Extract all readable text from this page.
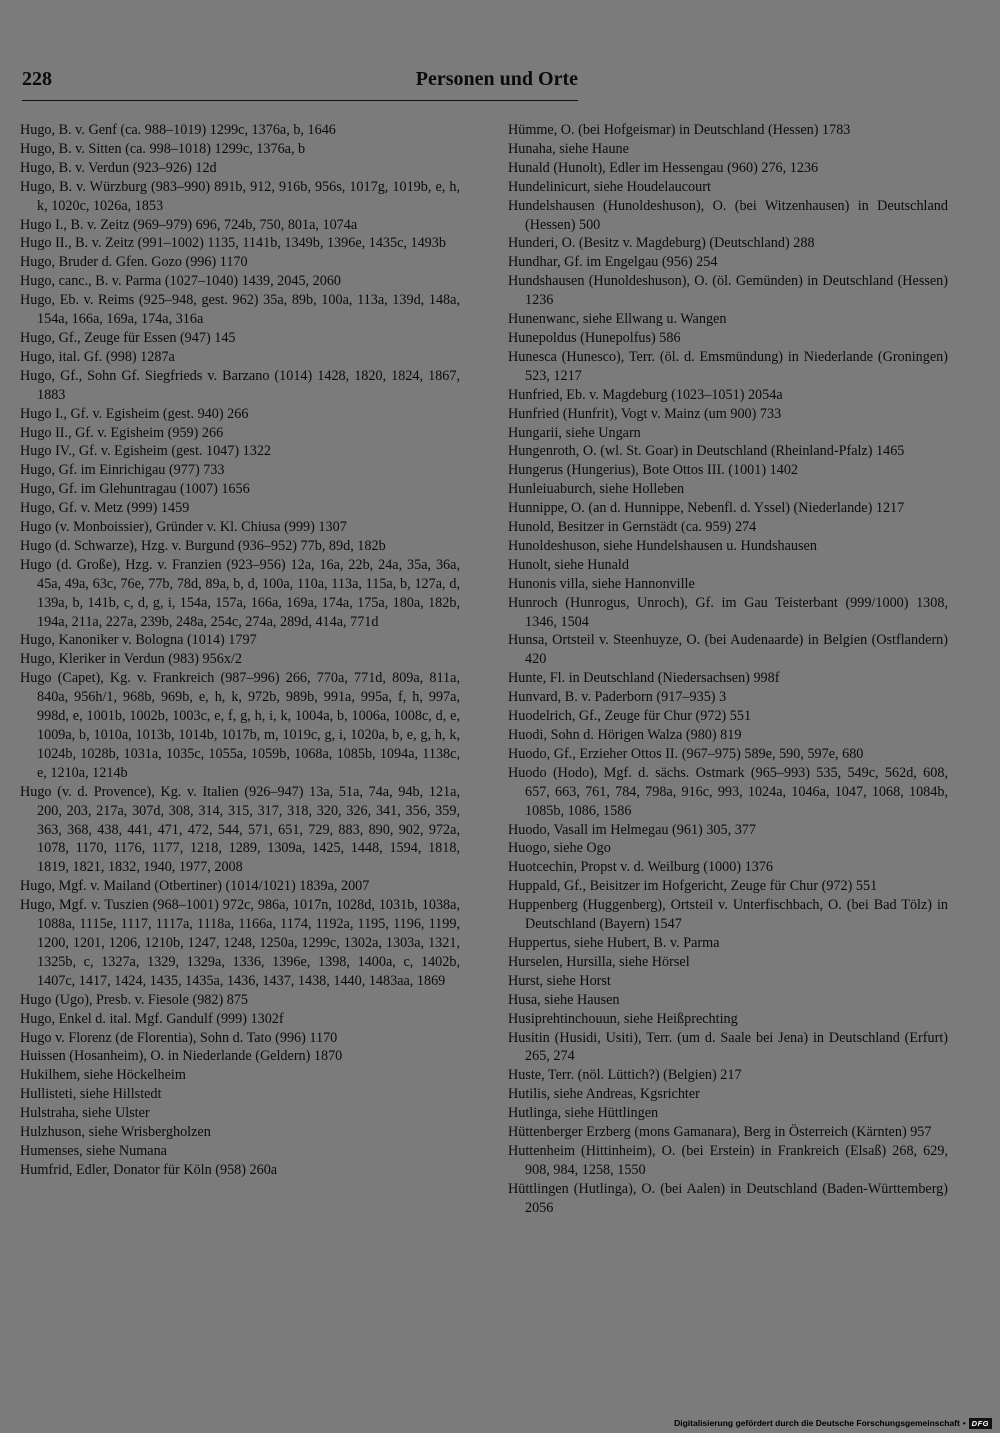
228	Personen und Orte

Hugo, B. v. Genf (ca. 988–1019) 1299c, 1376a, b, 1646

Hugo, B. v. Sitten (ca. 998–1018) 1299c, 1376a, b

Hugo, B. v. Verdun (923–926) 12d

Hugo, B. v. Würzburg (983–990) 891b, 912, 916b, 956s, 1017g, 1019b, e, h, k, 1020c, 1026a, 1853

Hugo I., B. v. Zeitz (969–979) 696, 724b, 750, 801a, 1074a

Hugo II., B. v. Zeitz (991–1002) 1135, 1141b, 1349b, 1396e, 1435c, 1493b

Hugo, Bruder d. Gfen. Gozo (996) 1170

Hugo, canc., B. v. Parma (1027–1040) 1439, 2045, 2060

Hugo, Eb. v. Reims (925–948, gest. 962) 35a, 89b, 100a, 113a, 139d, 148a, 154a, 166a, 169a, 174a, 316a

Hugo, Gf., Zeuge für Essen (947) 145

Hugo, ital. Gf. (998) 1287a

Hugo, Gf., Sohn Gf. Siegfrieds v. Barzano (1014) 1428, 1820, 1824, 1867, 1883

Hugo I., Gf. v. Egisheim (gest. 940) 266

Hugo II., Gf. v. Egisheim (959) 266

Hugo IV., Gf. v. Egisheim (gest. 1047) 1322

Hugo, Gf. im Einrichigau (977) 733

Hugo, Gf. im Glehuntragau (1007) 1656

Hugo, Gf. v. Metz (999) 1459

Hugo (v. Monboissier), Gründer v. Kl. Chiusa (999) 1307

Hugo (d. Schwarze), Hzg. v. Burgund (936–952) 77b, 89d, 182b

Hugo (d. Große), Hzg. v. Franzien (923–956) 12a, 16a, 22b, 24a, 35a, 36a, 45a, 49a, 63c, 76e, 77b, 78d, 89a, b, d, 100a, 110a, 113a, 115a, b, 127a, d, 139a, b, 141b, c, d, g, i, 154a, 157a, 166a, 169a, 174a, 175a, 180a, 182b, 194a, 211a, 227a, 239b, 248a, 254c, 274a, 289d, 414a, 771d

Hugo, Kanoniker v. Bologna (1014) 1797

Hugo, Kleriker in Verdun (983) 956x/2

Hugo (Capet), Kg. v. Frankreich (987–996) 266, 770a, 771d, 809a, 811a, 840a, 956h/1, 968b, 969b, e, h, k, 972b, 989b, 991a, 995a, f, h, 997a, 998d, e, 1001b, 1002b, 1003c, e, f, g, h, i, k, 1004a, b, 1006a, 1008c, d, e, 1009a, b, 1010a, 1013b, 1014b, 1017b, m, 1019c, g, i, 1020a, b, e, g, h, k, 1024b, 1028b, 1031a, 1035c, 1055a, 1059b, 1068a, 1085b, 1094a, 1138c, e, 1210a, 1214b

Hugo (v. d. Provence), Kg. v. Italien (926–947) 13a, 51a, 74a, 94b, 121a, 200, 203, 217a, 307d, 308, 314, 315, 317, 318, 320, 326, 341, 356, 359, 363, 368, 438, 441, 471, 472, 544, 571, 651, 729, 883, 890, 902, 972a, 1078, 1170, 1176, 1177, 1218, 1289, 1309a, 1425, 1448, 1594, 1818, 1819, 1821, 1832, 1940, 1977, 2008

Hugo, Mgf. v. Mailand (Otbertiner) (1014/1021) 1839a, 2007

Hugo, Mgf. v. Tuszien (968–1001) 972c, 986a, 1017n, 1028d, 1031b, 1038a, 1088a, 1115e, 1117, 1117a, 1118a, 1166a, 1174, 1192a, 1195, 1196, 1199, 1200, 1201, 1206, 1210b, 1247, 1248, 1250a, 1299c, 1302a, 1303a, 1321, 1325b, c, 1327a, 1329, 1329a, 1336, 1396e, 1398, 1400a, c, 1402b, 1407c, 1417, 1424, 1435, 1435a, 1436, 1437, 1438, 1440, 1483aa, 1869

Hugo (Ugo), Presb. v. Fiesole (982) 875

Hugo, Enkel d. ital. Mgf. Gandulf (999) 1302f

Hugo v. Florenz (de Florentia), Sohn d. Tato (996) 1170

Huissen (Hosanheim), O. in Niederlande (Geldern) 1870

Hukilhem, siehe Höckelheim

Hullisteti, siehe Hillstedt

Hulstraha, siehe Ulster

Hulzhuson, siehe Wrisbergholzen

Humenses, siehe Numana

Humfrid, Edler, Donator für Köln (958) 260a

Hümme, O. (bei Hofgeismar) in Deutschland (Hessen) 1783

Hunaha, siehe Haune

Hunald (Hunolt), Edler im Hessengau (960) 276, 1236

Hundelinicurt, siehe Houdelaucourt

Hundelshausen (Hunoldeshuson), O. (bei Witzenhausen) in Deutschland (Hessen) 500

Hunderi, O. (Besitz v. Magdeburg) (Deutschland) 288

Hundhar, Gf. im Engelgau (956) 254

Hundshausen (Hunoldeshuson), O. (öl. Gemünden) in Deutschland (Hessen) 1236

Hunenwanc, siehe Ellwang u. Wangen

Hunepoldus (Hunepolfus) 586

Hunesca (Hunesco), Terr. (öl. d. Emsmündung) in Niederlande (Groningen) 523, 1217

Hunfried, Eb. v. Magdeburg (1023–1051) 2054a

Hunfried (Hunfrit), Vogt v. Mainz (um 900) 733

Hungarii, siehe Ungarn

Hungenroth, O. (wl. St. Goar) in Deutschland (Rheinland-Pfalz) 1465

Hungerus (Hungerius), Bote Ottos III. (1001) 1402

Hunleiuaburch, siehe Holleben

Hunnippe, O. (an d. Hunnippe, Nebenfl. d. Yssel) (Niederlande) 1217

Hunold, Besitzer in Gernstädt (ca. 959) 274

Hunoldeshuson, siehe Hundelshausen u. Hundshausen

Hunolt, siehe Hunald

Hunonis villa, siehe Hannonville

Hunroch (Hunrogus, Unroch), Gf. im Gau Teisterbant (999/1000) 1308, 1346, 1504

Hunsa, Ortsteil v. Steenhuyze, O. (bei Audenaarde) in Belgien (Ostflandern) 420

Hunte, Fl. in Deutschland (Niedersachsen) 998f

Hunvard, B. v. Paderborn (917–935) 3

Huodelrich, Gf., Zeuge für Chur (972) 551

Huodi, Sohn d. Hörigen Walza (980) 819

Huodo, Gf., Erzieher Ottos II. (967–975) 589e, 590, 597e, 680

Huodo (Hodo), Mgf. d. sächs. Ostmark (965–993) 535, 549c, 562d, 608, 657, 663, 761, 784, 798a, 916c, 993, 1024a, 1046a, 1047, 1068, 1084b, 1085b, 1086, 1586

Huodo, Vasall im Helmegau (961) 305, 377

Huogo, siehe Ogo

Huotcechin, Propst v. d. Weilburg (1000) 1376

Huppald, Gf., Beisitzer im Hofgericht, Zeuge für Chur (972) 551

Huppenberg (Huggenberg), Ortsteil v. Unterfischbach, O. (bei Bad Tölz) in Deutschland (Bayern) 1547

Huppertus, siehe Hubert, B. v. Parma

Hurselen, Hursilla, siehe Hörsel

Hurst, siehe Horst

Husa, siehe Hausen

Husiprehtinchouun, siehe Heißprechting

Husitin (Husidi, Usiti), Terr. (um d. Saale bei Jena) in Deutschland (Erfurt) 265, 274

Huste, Terr. (nöl. Lüttich?) (Belgien) 217

Hutilis, siehe Andreas, Kgsrichter

Hutlinga, siehe Hüttlingen

Hüttenberger Erzberg (mons Gamanara), Berg in Österreich (Kärnten) 957

Huttenheim (Hittinheim), O. (bei Erstein) in Frankreich (Elsaß) 268, 629, 908, 984, 1258, 1550

Hüttlingen (Hutlinga), O. (bei Aalen) in Deutschland (Baden-Württemberg) 2056

Digitalisierung gefördert durch die Deutsche Forschungsgemeinschaft • DFG
